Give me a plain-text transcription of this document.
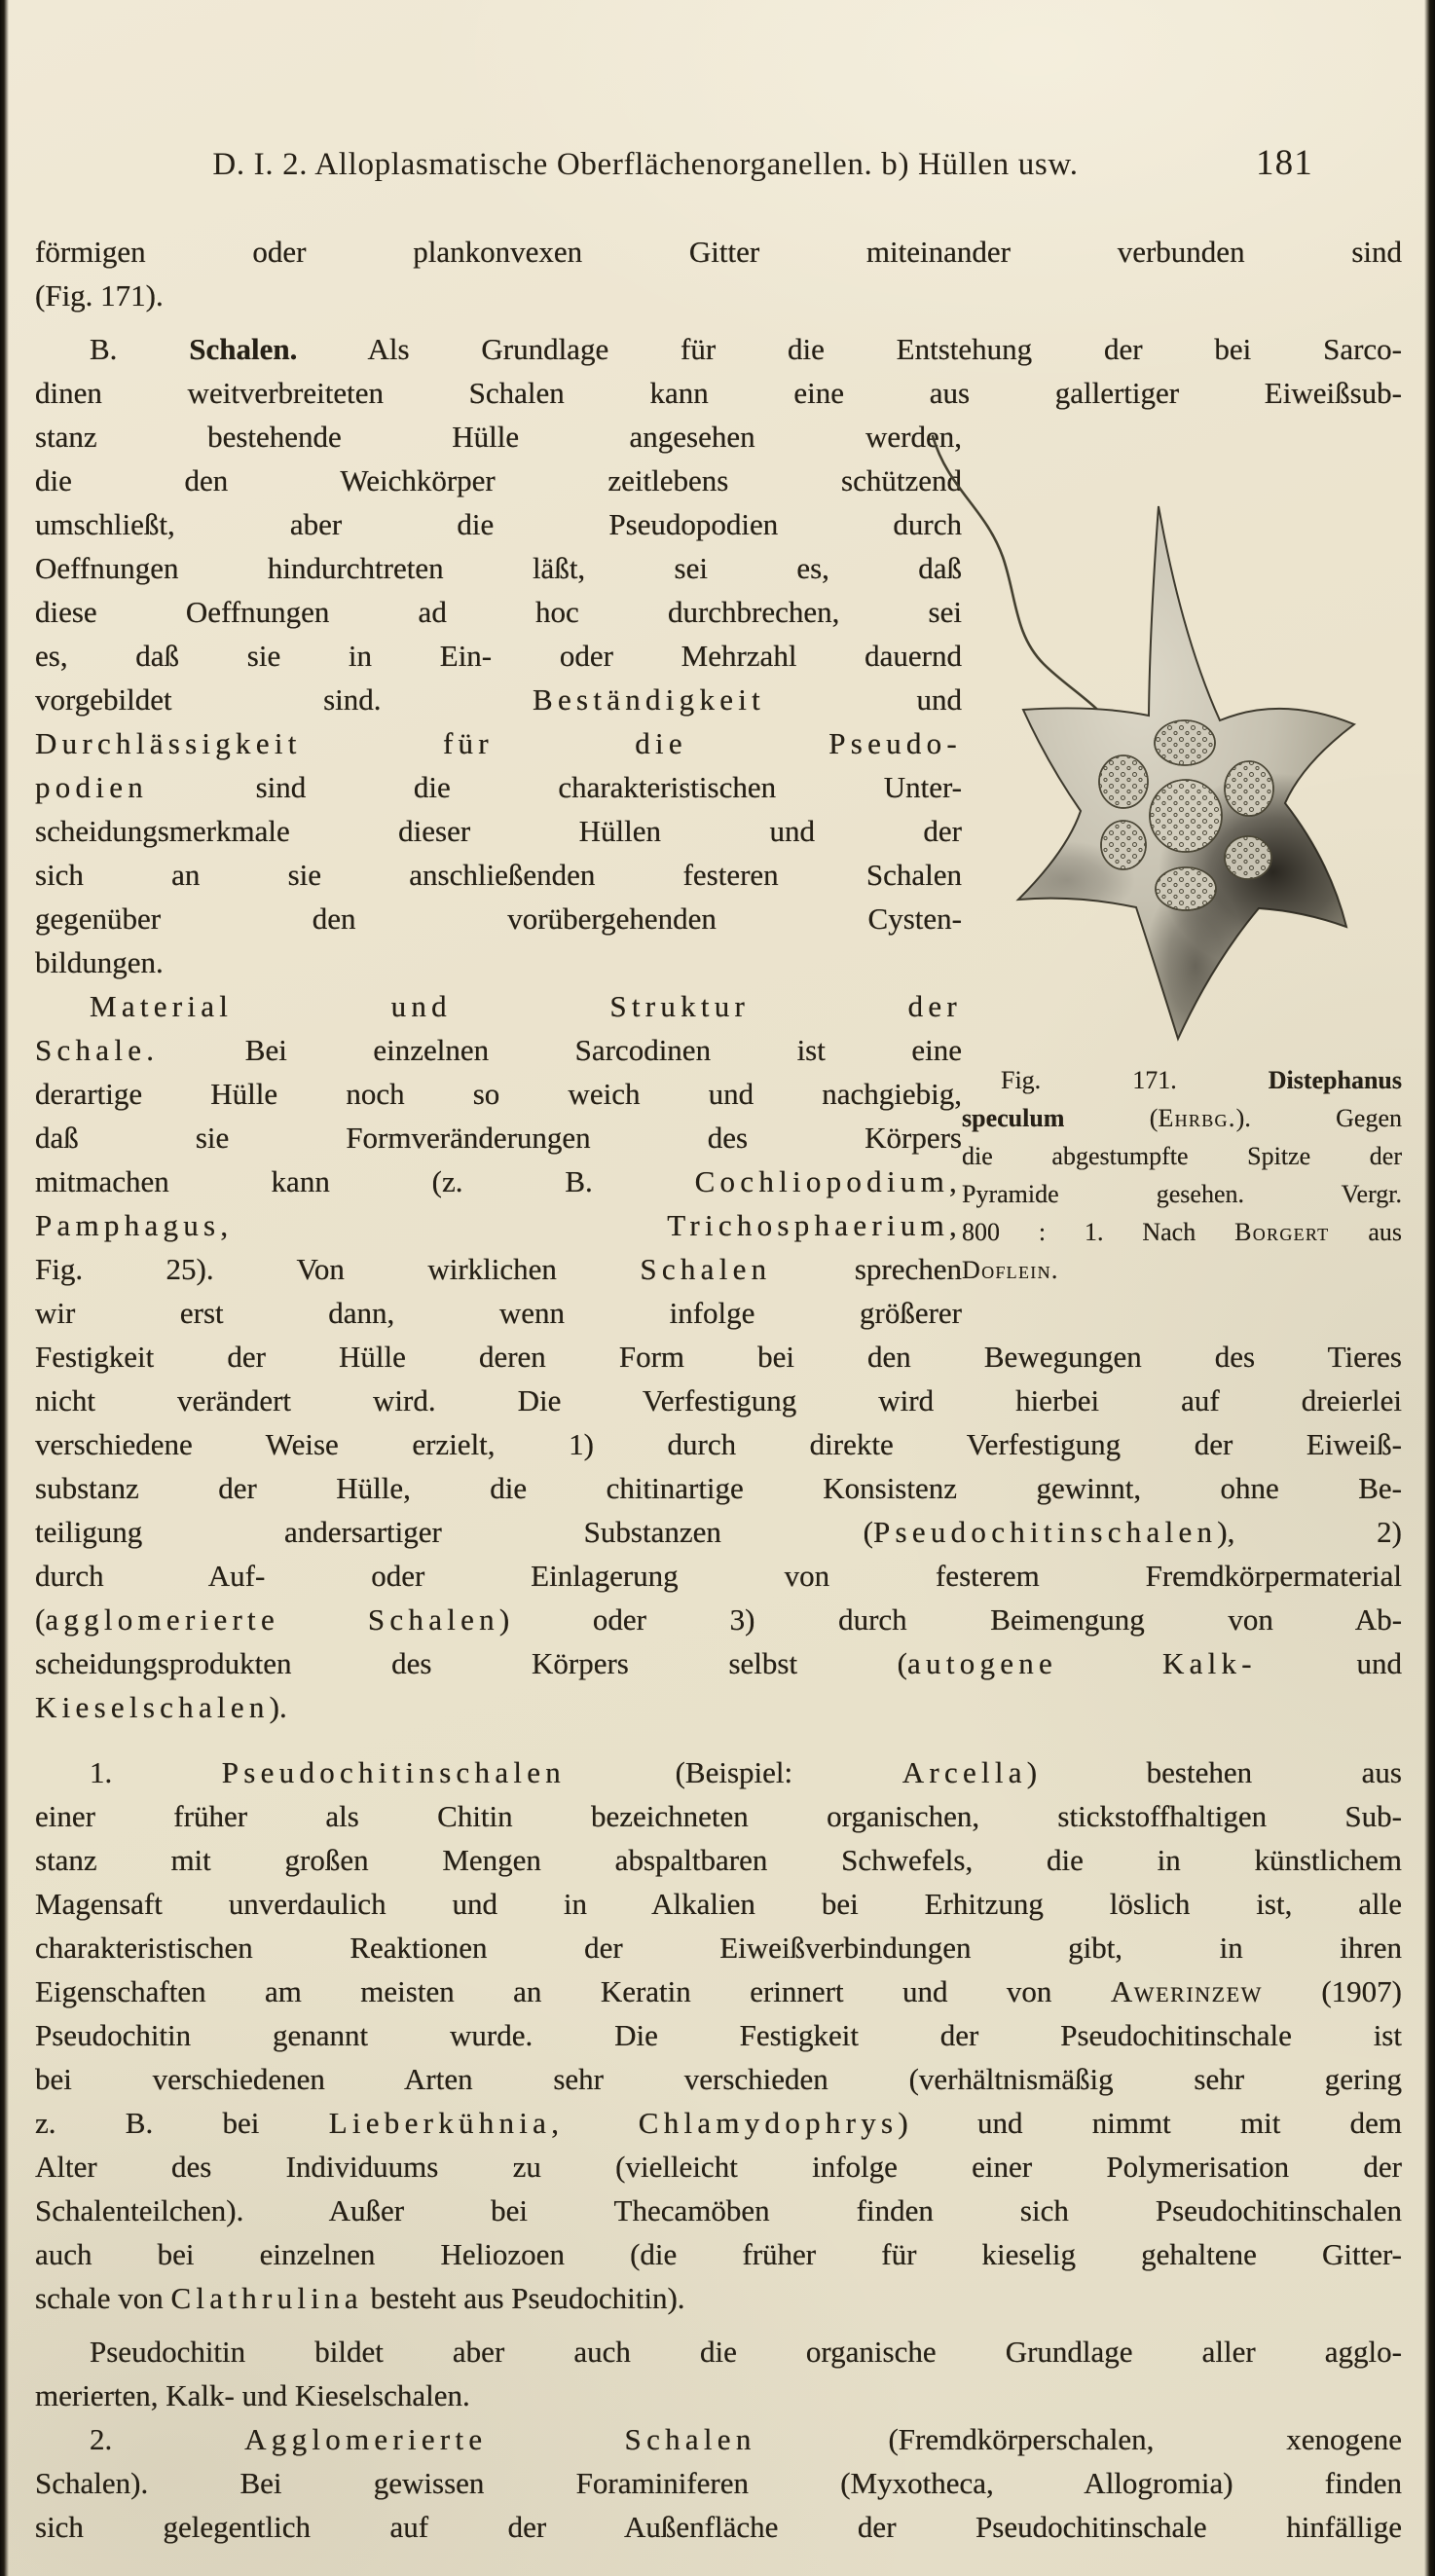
D. I. 2. Alloplasmatische Oberflächenorganellen. b) Hüllen usw.	181
förmigen oder plankonvexen Gitter miteinander verbunden sind
(Fig. 171).
B. Schalen. Als Grundlage für die Entstehung der bei Sarco-
dinen weitverbreiteten Schalen kann eine aus gallertiger Eiweißsub-
stanz bestehende Hülle angesehen werden,
die den Weichkörper zeitlebens schützend
umschließt, aber die Pseudopodien durch
Oeffnungen hindurchtreten läßt, sei es, daß
diese Oeffnungen ad hoc durchbrechen, sei
es, daß sie in Ein- oder Mehrzahl dauernd
vorgebildet sind. Beständigkeit und
Durchlässigkeit für die Pseudo-
podien sind die charakteristischen Unter-
scheidungsmerkmale dieser Hüllen und der
sich an sie anschließenden festeren Schalen
gegenüber den vorübergehenden Cysten-
bildungen.
Material und Struktur der
Schale. Bei einzelnen Sarcodinen ist eine
derartige Hülle noch so weich und nachgiebig,
daß sie Formveränderungen des Körpers
mitmachen kann (z. B. Cochliopodium,
Pamphagus, Trichosphaerium,
Fig. 25). Von wirklichen Schalen sprechen
wir erst dann, wenn infolge größerer
Fig. 171. Distephanus
speculum (Ehrbg.). Gegen
die abgestumpfte Spitze der
Pyramide gesehen. Vergr.
800 : 1. Nach Borgert aus
Doflein.
Festigkeit der Hülle deren Form bei den Bewegungen des Tieres
nicht verändert wird. Die Verfestigung wird hierbei auf dreierlei
verschiedene Weise erzielt, 1) durch direkte Verfestigung der Eiweiß-
substanz der Hülle, die chitinartige Konsistenz gewinnt, ohne Be-
teiligung andersartiger Substanzen (Pseudochitinschalen), 2)
durch Auf- oder Einlagerung von festerem Fremdkörpermaterial
(agglomerierte Schalen) oder 3) durch Beimengung von Ab-
scheidungsprodukten des Körpers selbst (autogene Kalk- und
Kieselschalen).
1. Pseudochitinschalen (Beispiel: Arcella) bestehen aus
einer früher als Chitin bezeichneten organischen, stickstoffhaltigen Sub-
stanz mit großen Mengen abspaltbaren Schwefels, die in künstlichem
Magensaft unverdaulich und in Alkalien bei Erhitzung löslich ist, alle
charakteristischen Reaktionen der Eiweißverbindungen gibt, in ihren
Eigenschaften am meisten an Keratin erinnert und von Awerinzew (1907)
Pseudochitin genannt wurde. Die Festigkeit der Pseudochitinschale ist
bei verschiedenen Arten sehr verschieden (verhältnismäßig sehr gering
z. B. bei Lieberkühnia, Chlamydophrys) und nimmt mit dem
Alter des Individuums zu (vielleicht infolge einer Polymerisation der
Schalenteilchen). Außer bei Thecamöben finden sich Pseudochitinschalen
auch bei einzelnen Heliozoen (die früher für kieselig gehaltene Gitter-
schale von Clathrulina besteht aus Pseudochitin).
Pseudochitin bildet aber auch die organische Grundlage aller agglo-
merierten, Kalk- und Kieselschalen.
2. Agglomerierte Schalen (Fremdkörperschalen, xenogene
Schalen). Bei gewissen Foraminiferen (Myxotheca, Allogromia) finden
sich gelegentlich auf der Außenfläche der Pseudochitinschale hinfällige
